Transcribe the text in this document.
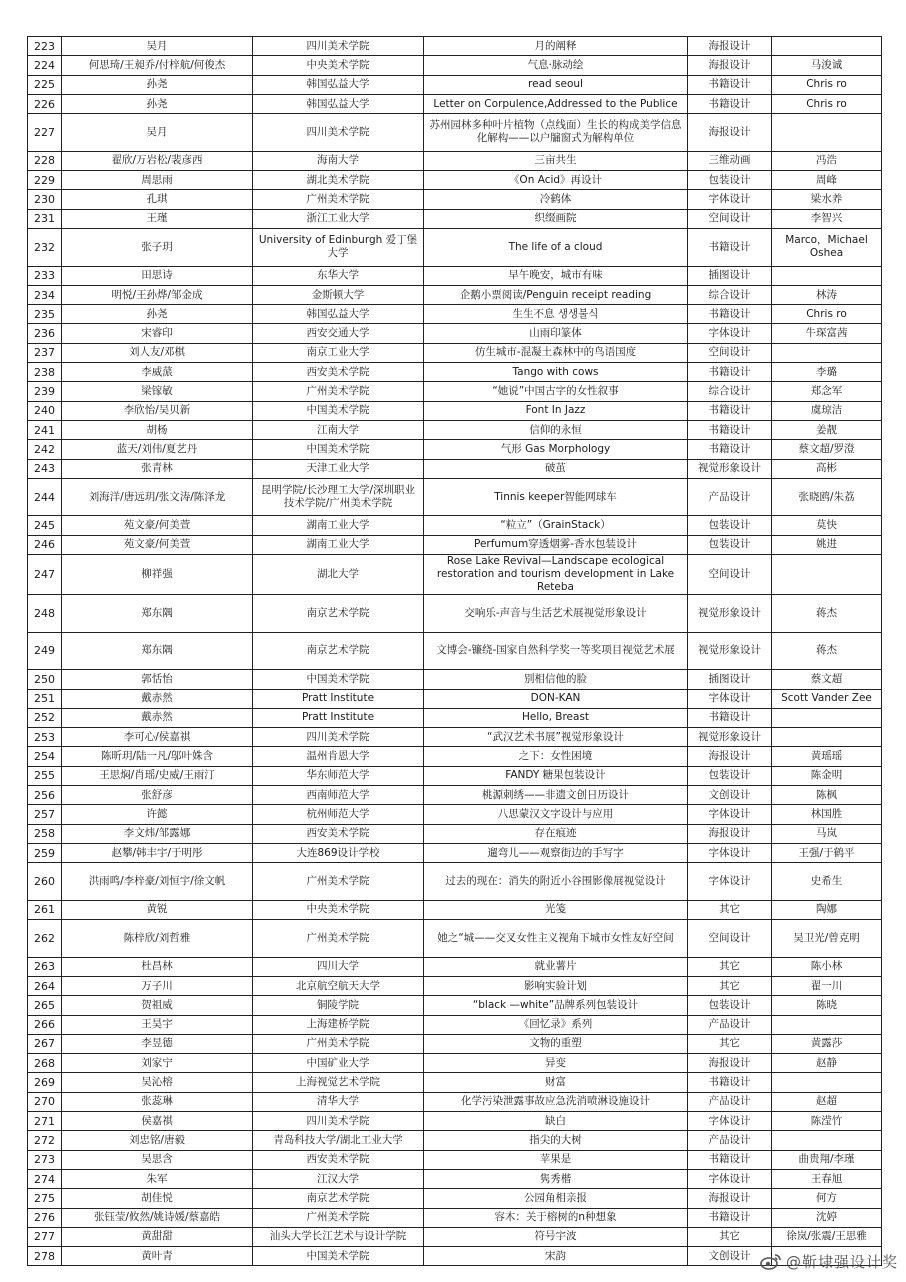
223	吴月	四川美术学院	月的阐释	海报设计	
224	何思琦/王昶乔/付梓航/何俊杰	中央美术学院	气息·脉动绘	海报设计	马浚诚
225	孙尧	韩国弘益大学	read seoul	书籍设计	Chris ro
226	孙尧	韩国弘益大学	Letter on Corpulence,Addressed to the Publice	书籍设计	Chris ro
227	吴月	四川美术学院	苏州园林多种叶片植物（点线面）生长的构成美学信息化解构——以户牖窗式为解构单位	海报设计	
228	翟欣/万岩松/裴彦西	海南大学	三亩共生	三维动画	冯浩
229	周思雨	湖北美术学院	《On Acid》再设计	包装设计	周峰
230	孔琪	广州美术学院	冷鹤体	字体设计	梁水养
231	王瑾	浙江工业大学	织缀画院	空间设计	李智兴
232	张子玥	University of Edinburgh 爱丁堡大学	The life of a cloud	书籍设计	Marco，Michael Oshea
233	田思诗	东华大学	早午晚安，城市有味	插图设计	
234	明悦/王孙烨/邹金成	金斯顿大学	企鹅小票阅读/Penguin receipt reading	综合设计	林涛
235	孙尧	韩国弘益大学	生生不息 생생불식	书籍设计	Chris ro
236	宋睿印	西安交通大学	山雨印篆体	字体设计	牛琛富茜
237	刘人友/邓棋	南京工业大学	仿生城市-混凝土森林中的鸟语国度	空间设计	
238	李威蒎	西安美术学院	Tango with cows	书籍设计	李璐
239	梁镓敏	广州美术学院	“她说”中国古字的女性叙事	综合设计	郑念军
240	李欣怡/吴贝新	中国美术学院	Font In Jazz	书籍设计	虞琼洁
241	胡杨	江南大学	信仰的永恒	书籍设计	姜靓
242	蓝天/刘伟/夏艺丹	中国美术学院	气形 Gas Morphology	书籍设计	蔡文超/罗澄
243	张青林	天津工业大学	破茧	视觉形象设计	高彬
244	刘海洋/唐远玥/张文涛/陈泽龙	昆明学院/长沙理工大学/深圳职业技术学院/广州美术学院	Tinnis keeper智能网球车	产品设计	张晓鸥/朱荔
245	苑文豪/何美萱	湖南工业大学	“粒立”（GrainStack）	包装设计	莫快
246	苑文豪/何美萱	湖南工业大学	Perfumum穿透烟雾-香水包装设计	包装设计	姚进
247	柳祥强	湖北大学	Rose Lake Revival—Landscape ecological restoration and tourism development in Lake Reteba	空间设计	
248	郑东隅	南京艺术学院	交响乐-声音与生活艺术展视觉形象设计	视觉形象设计	蒋杰
249	郑东隅	南京艺术学院	文博会-镰绕-国家自然科学奖一等奖项目视觉艺术展	视觉形象设计	蒋杰
250	郭恬怡	中国美术学院	别相信他的脸	插图设计	蔡文超
251	戴赤然	Pratt Institute	DON-KAN	字体设计	Scott Vander Zee
252	戴赤然	Pratt Institute	Hello, Breast	书籍设计	
253	李可心/侯嘉祺	四川美术学院	“武汉艺术书展”视觉形象设计	视觉形象设计	
254	陈昕玥/陆一凡/邬叶姝含	温州肯恩大学	之下：女性困境	海报设计	黄瑶瑶
255	王思焖/肖瑶/史威/王雨汀	华东师范大学	FANDY 糖果包装设计	包装设计	陈金明
256	张舒彦	西南师范大学	桃源刺绣——非遗文创日历设计	文创设计	陈枫
257	许懿	杭州师范大学	八思蒙汉文字设计与应用	字体设计	林国胜
258	李文炜/邹露娜	西安美术学院	存在痕迹	海报设计	马岚
259	赵攀/韩丰宇/于明彤	大连869设计学校	遛弯儿——观察街边的手写字	字体设计	王强/于鹤平
260	洪雨鸣/李梓豪/刘恒宇/徐文帆	广州美术学院	过去的现在：消失的附近小谷围影像展视觉设计	字体设计	史希生
261	黄锐	中央美术学院	光笺	其它	陶娜
262	陈梓欣/刘哲雅	广州美术学院	她之“城——交叉女性主义视角下城市女性友好空间	空间设计	吴卫光/曾克明
263	杜昌林	四川大学	就业薯片	其它	陈小林
264	万子川	北京航空航天大学	影响实验计划	其它	翟一川
265	贺祖威	铜陵学院	“black —white”品牌系列包装设计	包装设计	陈晓
266	王昊宇	上海建桥学院	《回忆录》系列	产品设计	
267	李昱德	广州美术学院	文物的重塑	其它	黄露莎
268	刘家宁	中国矿业大学	异变	海报设计	赵静
269	吴沁榕	上海视觉艺术学院	财富	书籍设计	
270	张蕊琳	清华大学	化学污染泄露事故应急洗消喷淋设施设计	产品设计	赵超
271	侯嘉祺	四川美术学院	缺白	字体设计	陈滢竹
272	刘忠铭/唐毅	青岛科技大学/湖北工业大学	指尖的大树	产品设计	
273	吴思含	西安美术学院	苹果是	书籍设计	曲贵翔/李瑾
274	朱军	江汉大学	隽秀楷	字体设计	王春旭
275	胡佳悦	南京艺术学院	公园角相亲报	海报设计	何方
276	张钰莹/攸然/姚诗媛/蔡嘉皓	广州美术学院	容木：关于榕树的n种想象	书籍设计	沈婷
277	黄甜甜	汕头大学长江艺术与设计学院	符号宇波	其它	徐岚/张震/王思雅
278	黄叶青	中国美术学院	宋韵	文创设计	@靳埭强设计奖
